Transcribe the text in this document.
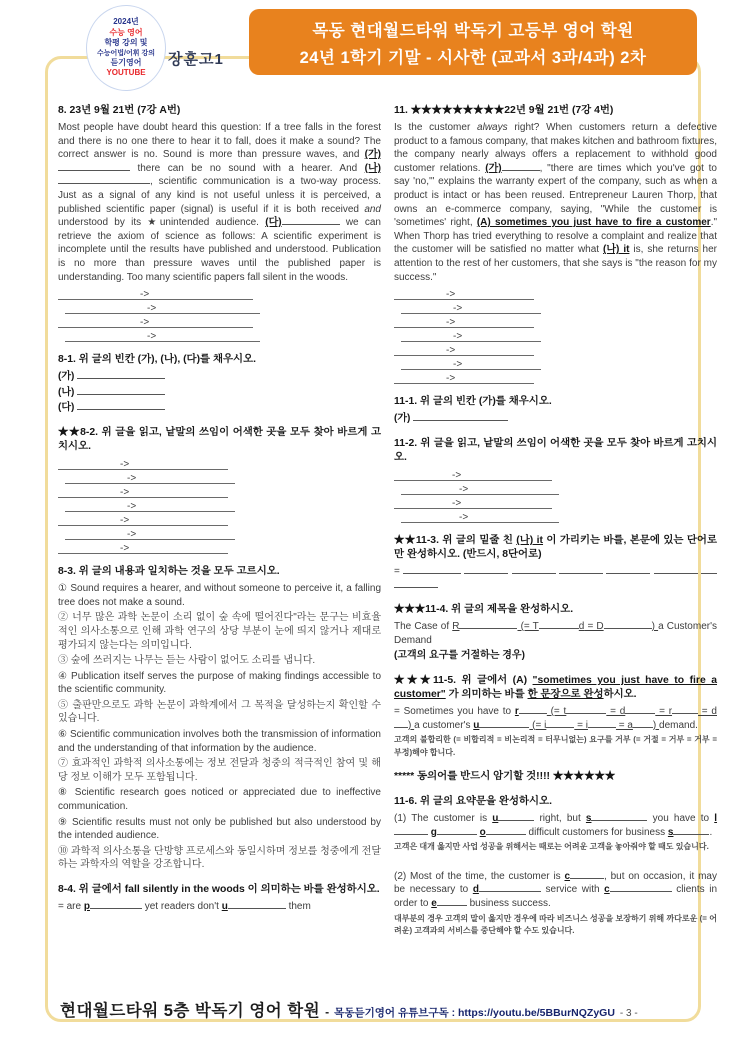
2024년
수능 영어
학평 강의 및
수능어법/어휘 강의
듣기영어
YOUTUBE
장훈고1
목동 현대월드타워 박독기 고등부 영어 학원
24년 1학기 기말 - 시사한 (교과서 3과/4과) 2차

8. 23년 9월 21번 (7강 A번)

Most people have doubt heard this question: If a tree falls in the forest and there is no one there to hear it to fall, does it make a sound? The correct answer is no. Sound is more than pressure waves, and (가) there can be no sound with a hearer. And (나), scientific communication is a two-way process. Just as a signal of any kind is not useful unless it is perceived, a published scientific paper (signal) is useful if it is both received and understood by its ★unintended audience. (다)	we can retrieve the axiom of science as follows: A scientific experiment is incomplete until the results have published and understood. Publication is no more than pressure waves until the published paper is understanding. Too many scientific papers fall silent in the woods.

->
->
->
->

8-1. 위 글의 빈칸 (가), (나), (다)를 채우시오.

(가)

(나)

(다)

★★8-2. 위 글을 읽고, 낱말의 쓰임이 어색한 곳을 모두 찾아 바르게 고치시오.

->
->
->
->
->
->
->

8-3. 위 글의 내용과 일치하는 것을 모두 고르시오.

① Sound requires a hearer, and without someone to perceive it, a falling tree does not make a sound.

② 너무 많은 과학 논문이 소리 없이 숲 속에 떨어진다"라는 문구는 비효율적인 의사소통으로 인해 과학 연구의 상당 부분이 눈에 띄지 않거나 제대로 평가되지 않는다는 의미입니다.

③ 숲에 쓰러지는 나무는 듣는 사람이 없어도 소리를 냅니다.

④ Publication itself serves the purpose of making findings accessible to the scientific community.

⑤ 출판만으로도 과학 논문이 과학계에서 그 목적을 달성하는지 확인할 수 있습니다.

⑥ Scientific communication involves both the transmission of information and the understanding of that information by the audience.

⑦ 효과적인 과학적 의사소통에는 정보 전달과 청중의 적극적인 참여 및 해당 정보 이해가 모두 포함됩니다.

⑧ Scientific research goes noticed or appreciated due to ineffective communication.

⑨ Scientific results must not only be published but also understood by the intended audience.

⑩ 과학적 의사소통을 단방향 프로세스와 동일시하며 정보를 청중에게 전달하는 과학자의 역할을 강조합니다.

8-4. 위 글에서 fall silently in the woods 이 의미하는 바를 완성하시오.

= are p	yet readers don't u	them

11. ★★★★★★★★★22년 9월 21번 (7강 4번)

Is the customer always right? When customers return a defective product to a famous company, that makes kitchen and bathroom fixtures, the company nearly always offers a replacement to withhold good customer relations. (가)	, "there are times which you've got to say 'no,'" explains the warranty expert of the company, such as when a product is intact or has been reused. Entrepreneur Lauren Thorp, that owns an e-commerce company, saying, "While the customer is 'sometimes' right, (A) sometimes you just have to fire a customer." When Thorp has tried everything to resolve a complaint and realize that the customer will be satisfied no matter what (나) it is, she returns her attention to the rest of her customers, that she says is "the reason for my success."

->
->
->
->
->
->
->

11-1. 위 글의 빈칸 (가)를 채우시오.

(가)

11-2. 위 글을 읽고, 낱말의 쓰임이 어색한 곳을 모두 찾아 바르게 고치시오.

->
->
->
->

★★11-3. 위 글의 밑줄 친 (나) it 이 가리키는 바를, 본문에 있는 단어로만 완성하시오. (반드시, 8단어로)

=

★★★11-4. 위 글의 제목을 완성하시오.

The Case of R	(= T	d = D	) a Customer's Demand

(고객의 요구를 거절하는 경우)

★★★11-5. 위 글에서 (A) "sometimes you just have to fire a customer" 가 의미하는 바를 한 문장으로 완성하시오.

= Sometimes you have to r	(= t	= d	= r	= d) a customer's u	(= i	= i	= a ) demand.

고객의 불합리한 (= 비합리적 = 비논리적 = 터무니없는) 요구를 거부 (= 거절 = 거부 = 거부 = 부정)해야 합니다.

***** 동의어를 반드시 암기할 것!!!! ★★★★★★

11-6. 위 글의 요약문을 완성하시오.

(1) The customer is u	right, but s	you have to l g	o	difficult customers for business s	.

고객은 대개 옳지만 사업 성공을 위해서는 때로는 어려운 고객을 놓아줘야 할 때도 있습니다.

(2) Most of the time, the customer is c	, but on occasion, it may be necessary to d	service with c	clients in order to e	business success.

대부분의 경우 고객의 말이 옳지만 경우에 따라 비즈니스 성공을 보장하기 위해 까다로운 (= 어려운) 고객과의 서비스를 중단해야 할 수도 있습니다.

현대월드타워 5층 박독기 영어 학원 - 목동듣기영어 유튜브구독 : https://youtu.be/5BBurNQZyGU - 3 -
